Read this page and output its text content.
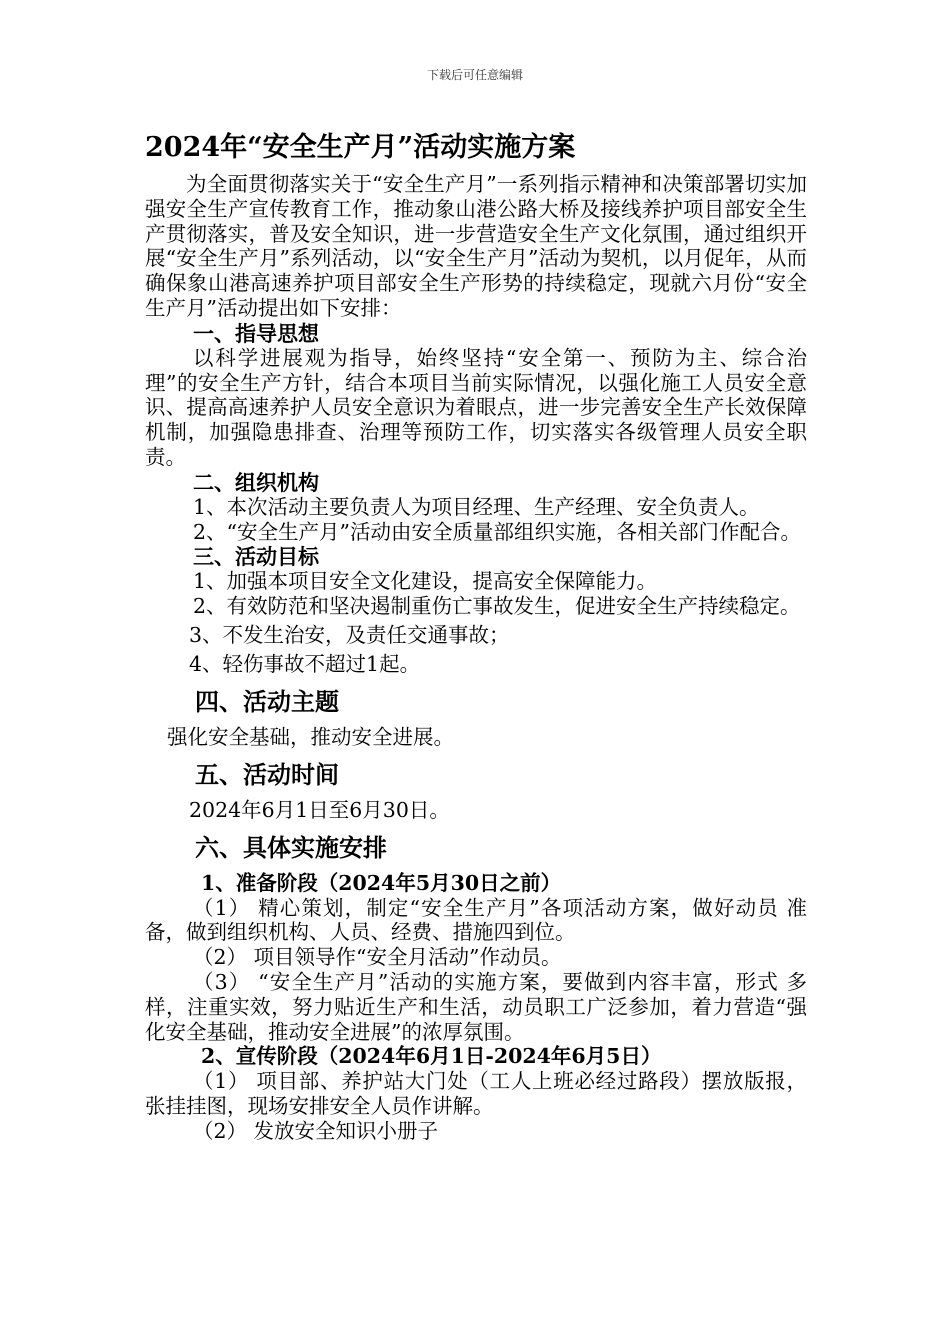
下载后可任意编辑
2024年“安全生产月”活动实施方案

为全面贯彻落实关于“安全生产月”一系列指示精神和决策部署切实加强安全生产宣传教育工作，推动象山港公路大桥及接线养护项目部安全生产贯彻落实，普及安全知识，进一步营造安全生产文化氛围，通过组织开展“安全生产月”系列活动，以“安全生产月”活动为契机，以月促年，从而确保象山港高速养护项目部安全生产形势的持续稳定，现就六月份“安全生产月”活动提出如下安排：

一、指导思想

以科学进展观为指导，始终坚持“安全第一、预防为主、综合治理”的安全生产方针，结合本项目当前实际情况，以强化施工人员安全意识、提高高速养护人员安全意识为着眼点，进一步完善安全生产长效保障机制，加强隐患排查、治理等预防工作，切实落实各级管理人员安全职责。

二、组织机构

1、本次活动主要负责人为项目经理、生产经理、安全负责人。

2、“安全生产月”活动由安全质量部组织实施，各相关部门作配合。

三、活动目标

1、加强本项目安全文化建设，提高安全保障能力。

2、有效防范和坚决遏制重伤亡事故发生，促进安全生产持续稳定。

3、不发生治安，及责任交通事故；

4、轻伤事故不超过1起。

四、活动主题

强化安全基础，推动安全进展。

五、活动时间

2024年6月1日至6月30日。

六、具体实施安排

1、准备阶段（2024年5月30日之前）

（1） 精心策划，制定“安全生产月”各项活动方案，做好动员 准备，做到组织机构、人员、经费、措施四到位。

（2） 项目领导作“安全月活动”作动员。

（3） “安全生产月”活动的实施方案，要做到内容丰富，形式 多样，注重实效，努力贴近生产和生活，动员职工广泛参加，着力营造“强化安全基础，推动安全进展”的浓厚氛围。

2、宣传阶段（2024年6月1日-2024年6月5日）

（1） 项目部、养护站大门处（工人上班必经过路段）摆放版报，张挂挂图，现场安排安全人员作讲解。

（2） 发放安全知识小册子
